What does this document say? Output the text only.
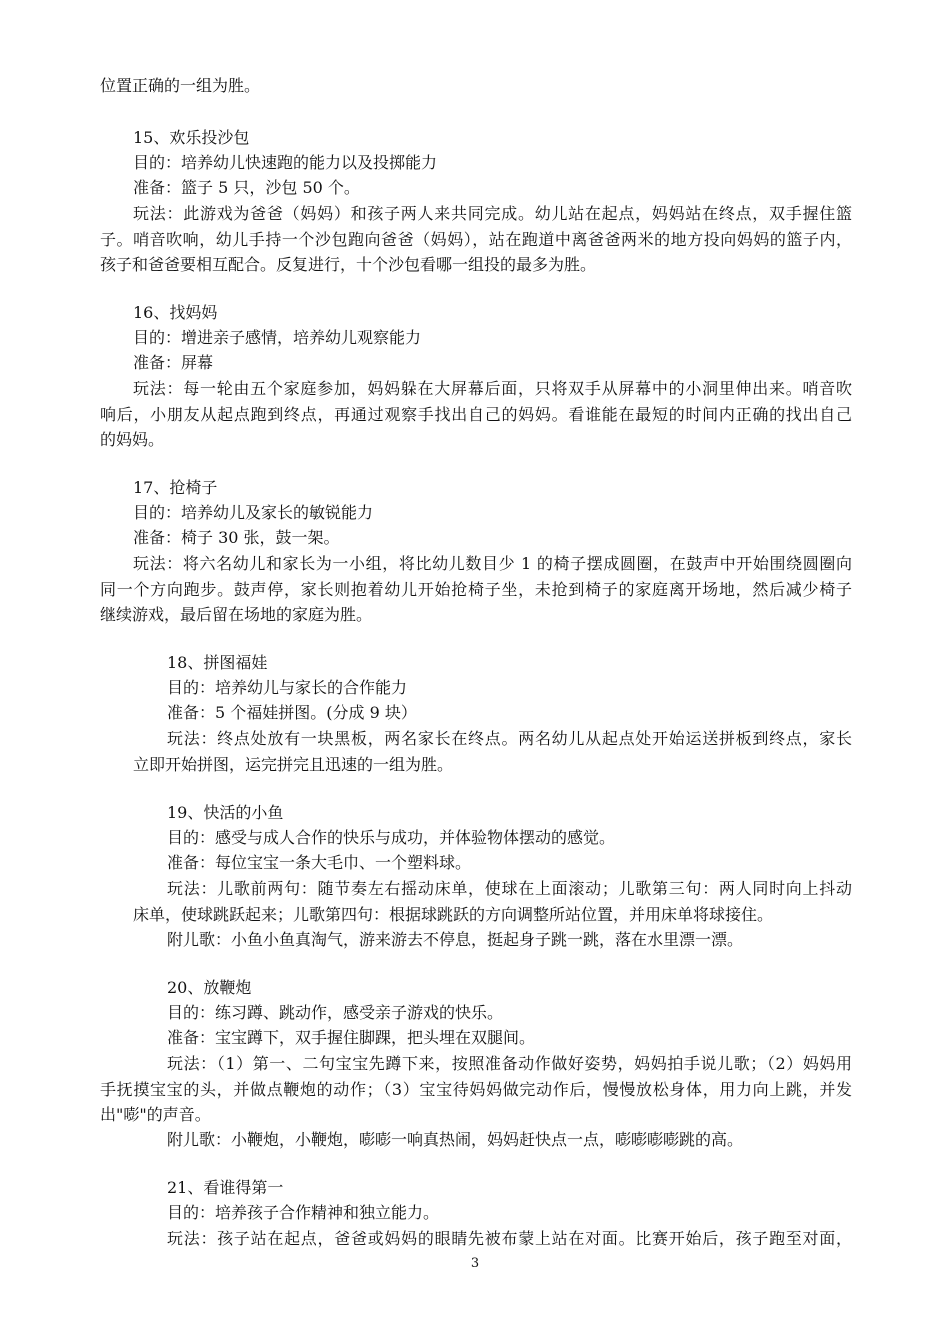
位置正确的一组为胜。
15、欢乐投沙包
目的：培养幼儿快速跑的能力以及投掷能力
准备：篮子 5 只，沙包 50 个。
玩法：此游戏为爸爸（妈妈）和孩子两人来共同完成。幼儿站在起点，妈妈站在终点，双手握住篮
子。哨音吹响，幼儿手持一个沙包跑向爸爸（妈妈），站在跑道中离爸爸两米的地方投向妈妈的篮子内，
孩子和爸爸要相互配合。反复进行，十个沙包看哪一组投的最多为胜。
16、找妈妈
目的：增进亲子感情，培养幼儿观察能力
准备：屏幕
玩法：每一轮由五个家庭参加，妈妈躲在大屏幕后面，只将双手从屏幕中的小洞里伸出来。哨音吹
响后，小朋友从起点跑到终点，再通过观察手找出自己的妈妈。看谁能在最短的时间内正确的找出自己
的妈妈。
17、抢椅子
目的：培养幼儿及家长的敏锐能力
准备：椅子 30 张，鼓一架。
玩法：将六名幼儿和家长为一小组，将比幼儿数目少 1 的椅子摆成圆圈，在鼓声中开始围绕圆圈向
同一个方向跑步。鼓声停，家长则抱着幼儿开始抢椅子坐，未抢到椅子的家庭离开场地，然后减少椅子
继续游戏，最后留在场地的家庭为胜。
18、拼图福娃
目的：培养幼儿与家长的合作能力
准备：5 个福娃拼图。(分成 9 块）
玩法：终点处放有一块黑板，两名家长在终点。两名幼儿从起点处开始运送拼板到终点，家长
立即开始拼图，运完拼完且迅速的一组为胜。
19、快活的小鱼
目的：感受与成人合作的快乐与成功，并体验物体摆动的感觉。
准备：每位宝宝一条大毛巾、一个塑料球。
玩法：儿歌前两句：随节奏左右摇动床单，使球在上面滚动；儿歌第三句：两人同时向上抖动
床单，使球跳跃起来；儿歌第四句：根据球跳跃的方向调整所站位置，并用床单将球接住。
附儿歌：小鱼小鱼真淘气，游来游去不停息，挺起身子跳一跳，落在水里漂一漂。
20、放鞭炮
目的：练习蹲、跳动作，感受亲子游戏的快乐。
准备：宝宝蹲下，双手握住脚踝，把头埋在双腿间。
玩法：（1）第一、二句宝宝先蹲下来，按照准备动作做好姿势，妈妈拍手说儿歌；（2）妈妈用
手抚摸宝宝的头，并做点鞭炮的动作；（3）宝宝待妈妈做完动作后，慢慢放松身体，用力向上跳，并发
出"嘭"的声音。
附儿歌：小鞭炮，小鞭炮，嘭嘭一响真热闹，妈妈赶快点一点，嘭嘭嘭嘭跳的高。
21、看谁得第一
目的：培养孩子合作精神和独立能力。
玩法：孩子站在起点，爸爸或妈妈的眼睛先被布蒙上站在对面。比赛开始后，孩子跑至对面，
3
